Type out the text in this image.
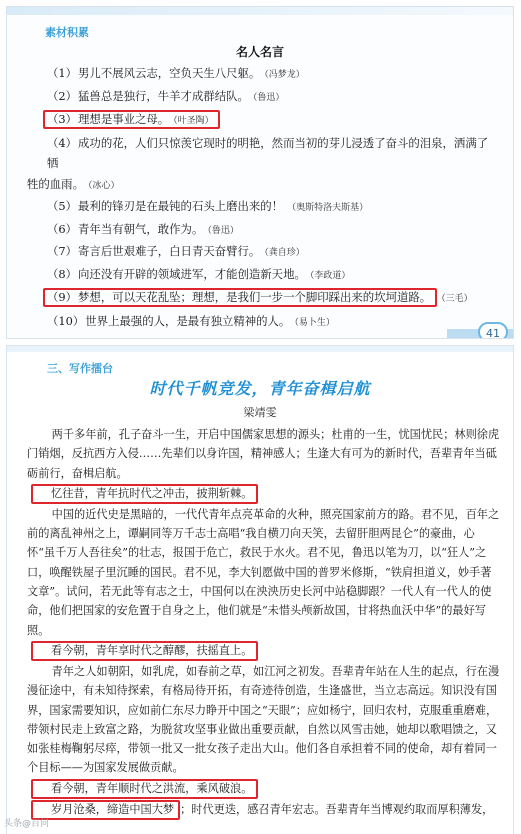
素材积累
名人名言
（1）男儿不展风云志，空负天生八尺躯。 （冯梦龙）
（2）猛兽总是独行，牛羊才成群结队。 （鲁迅）
（3）理想是事业之母。 （叶圣陶）
（4）成功的花，人们只惊羡它现时的明艳，然而当初的芽儿浸透了奋斗的泪泉，洒满了牺
牲的血雨。 （冰心）
（5）最利的锋刃是在最钝的石头上磨出来的！ （奥斯特洛夫斯基）
（6）青年当有朝气，敢作为。 （鲁迅）
（7）寄言后世艰难子，白日青天奋臂行。 （龚自珍）
（8）向还没有开辟的领域进军，才能创造新天地。 （李政道）
（9）梦想，可以天花乱坠；理想，是我们一步一个脚印踩出来的坎坷道路。 （三毛）
（10）世界上最强的人，是最有独立精神的人。 （易卜生）
41
三、写作擂台
时代千帆竞发，青年奋楫启航
梁靖雯

两千多年前，孔子奋斗一生，开启中国儒家思想的源头；杜甫的一生，忧国忧民；林则徐虎门销烟，反抗西方入侵……先辈们以身许国，精神感人；生逢大有可为的新时代，吾辈青年当砥砺前行，奋楫启航。

忆往昔，青年抗时代之冲击，披荆斩棘。

中国的近代史是黑暗的，一代代青年点亮革命的火种，照亮国家前方的路。君不见，百年之前的离乱神州之上，谭嗣同等万千志士高唱“我自横刀向天笑，去留肝胆两昆仑”的豪曲，心怀“虽千万人吾往矣”的壮志，报国于危亡，救民于水火。君不见，鲁迅以笔为刀，以“狂人”之口，唤醒铁屋子里沉睡的国民。君不见，李大钊愿做中国的普罗米修斯，“铁肩担道义，妙手著文章”。试问，若无此等有志之士，中国何以在泱泱历史长河中站稳脚跟？一代人有一代人的使命，他们把国家的安危置于自身之上，他们就是“未惜头颅新故国，甘将热血沃中华”的最好写照。

看今朝，青年享时代之醇醪，扶摇直上。

青年之人如朝阳，如乳虎，如春前之草，如江河之初发。吾辈青年站在人生的起点，行在漫漫征途中，有未知待探索，有格局待开拓，有奇迹待创造，生逢盛世，当立志高远。知识没有国界，国家需要知识，应如前仁东尽力睁开中国之“天眼”；应如杨宁，回归农村，克服重重磨难，带领村民走上致富之路，为脱贫攻坚事业做出重要贡献，自然以风雪击她，她却以歌唱馈之，又如张桂梅鞠躬尽瘁，带领一批又一批女孩子走出大山。他们各自承担着不同的使命，却有着同一个目标——为国家发展做贡献。

看今朝，青年顺时代之洪流，乘风破浪。

岁月沧桑，缔造中国大梦 ；时代更迭，感召青年宏志。吾辈青年当博观约取而厚积薄发，

头条@百问
